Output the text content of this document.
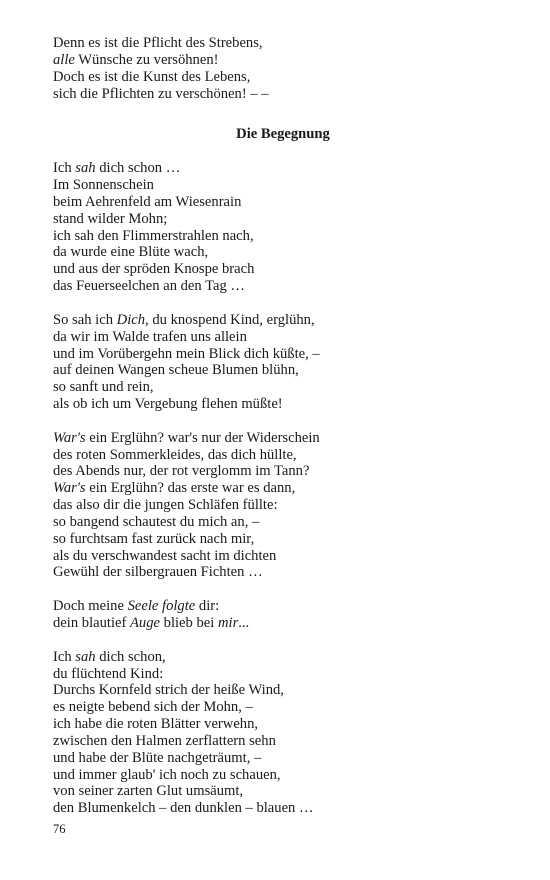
Denn es ist die Pflicht des Strebens,
alle Wünsche zu versöhnen!
Doch es ist die Kunst des Lebens,
sich die Pflichten zu verschönen! – –
Die Begegnung
Ich sah dich schon …
Im Sonnenschein
beim Aehrenfeld am Wiesenrain
stand wilder Mohn;
ich sah den Flimmerstrahlen nach,
da wurde eine Blüte wach,
und aus der spröden Knospe brach
das Feuerseelchen an den Tag …
So sah ich Dich, du knospend Kind, erglühn,
da wir im Walde trafen uns allein
und im Vorübergehn mein Blick dich küßte, –
auf deinen Wangen scheue Blumen blühn,
so sanft und rein,
als ob ich um Vergebung flehen müßte!
War's ein Erglühn? war's nur der Widerschein
des roten Sommerkleides, das dich hüllte,
des Abends nur, der rot verglomm im Tann?
War's ein Erglühn? das erste war es dann,
das also dir die jungen Schläfen füllte:
so bangend schautest du mich an, –
so furchtsam fast zurück nach mir,
als du verschwandest sacht im dichten
Gewühl der silbergrauen Fichten …
Doch meine Seele folgte dir:
dein blautief Auge blieb bei mir...
Ich sah dich schon,
du flüchtend Kind:
Durchs Kornfeld strich der heiße Wind,
es neigte bebend sich der Mohn, –
ich habe die roten Blätter verwehn,
zwischen den Halmen zerflattern sehn
und habe der Blüte nachgeträumt, –
und immer glaub' ich noch zu schauen,
von seiner zarten Glut umsäumt,
den Blumenkelch – den dunklen – blauen …
76
